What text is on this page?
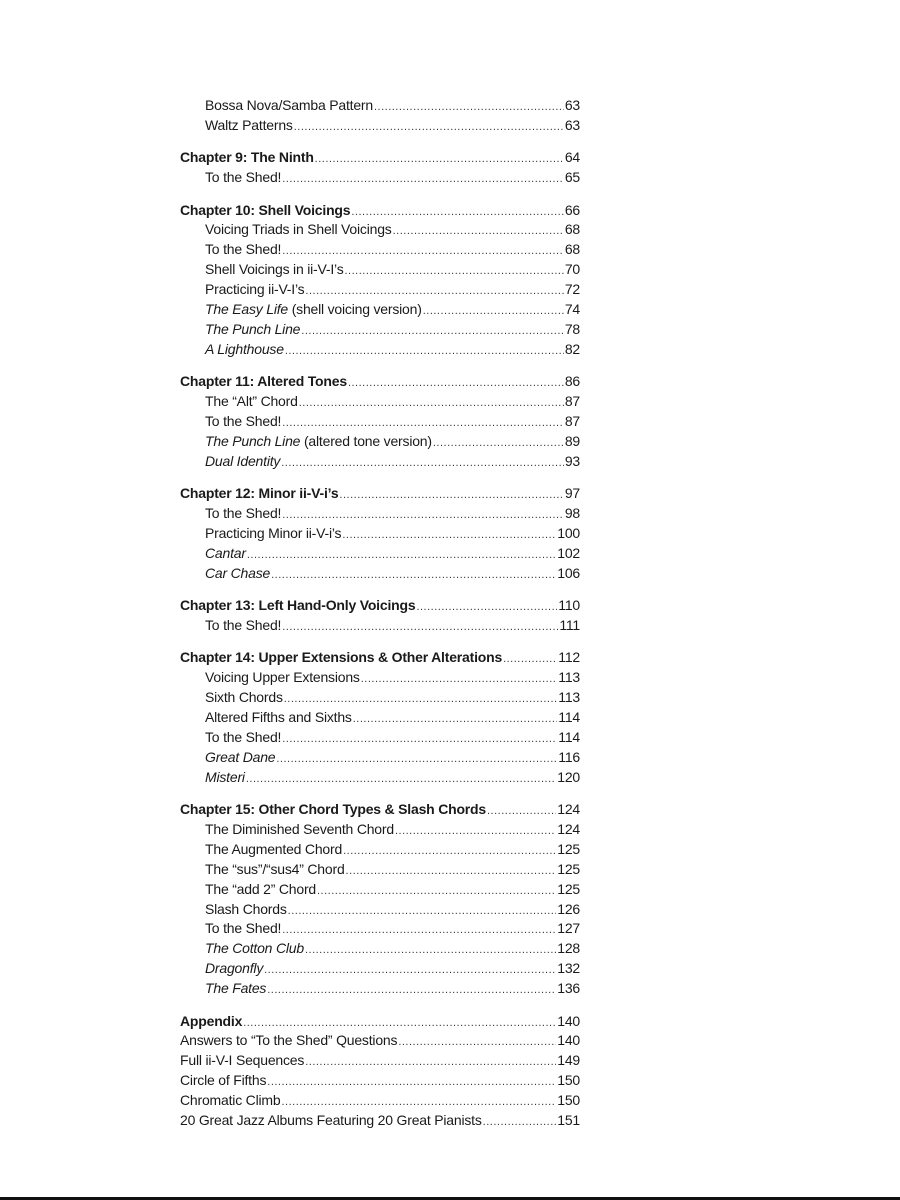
Bossa Nova/Samba Pattern .....	63
Waltz Patterns .....	63
Chapter 9: The Ninth .....	64
To the Shed! .....	65
Chapter 10: Shell Voicings .....	66
Voicing Triads in Shell Voicings .....	68
To the Shed! .....	68
Shell Voicings in ii-V-I’s .....	70
Practicing ii-V-I’s .....	72
The Easy Life (shell voicing version) .....	74
The Punch Line .....	78
A Lighthouse .....	82
Chapter 11: Altered Tones .....	86
The “Alt” Chord .....	87
To the Shed! .....	87
The Punch Line (altered tone version) .....	89
Dual Identity .....	93
Chapter 12: Minor ii-V-i’s .....	97
To the Shed! .....	98
Practicing Minor ii-V-i’s .....	100
Cantar .....	102
Car Chase .....	106
Chapter 13: Left Hand-Only Voicings .....	110
To the Shed! .....	111
Chapter 14: Upper Extensions & Other Alterations .....	112
Voicing Upper Extensions .....	113
Sixth Chords .....	113
Altered Fifths and Sixths .....	114
To the Shed! .....	114
Great Dane .....	116
Misteri .....	120
Chapter 15: Other Chord Types & Slash Chords .....	124
The Diminished Seventh Chord .....	124
The Augmented Chord .....	125
The “sus”/“sus4” Chord .....	125
The “add 2” Chord .....	125
Slash Chords .....	126
To the Shed! .....	127
The Cotton Club .....	128
Dragonfly .....	132
The Fates .....	136
Appendix .....	140
Answers to “To the Shed” Questions .....	140
Full ii-V-I Sequences .....	149
Circle of Fifths .....	150
Chromatic Climb .....	150
20 Great Jazz Albums Featuring 20 Great Pianists .....	151
